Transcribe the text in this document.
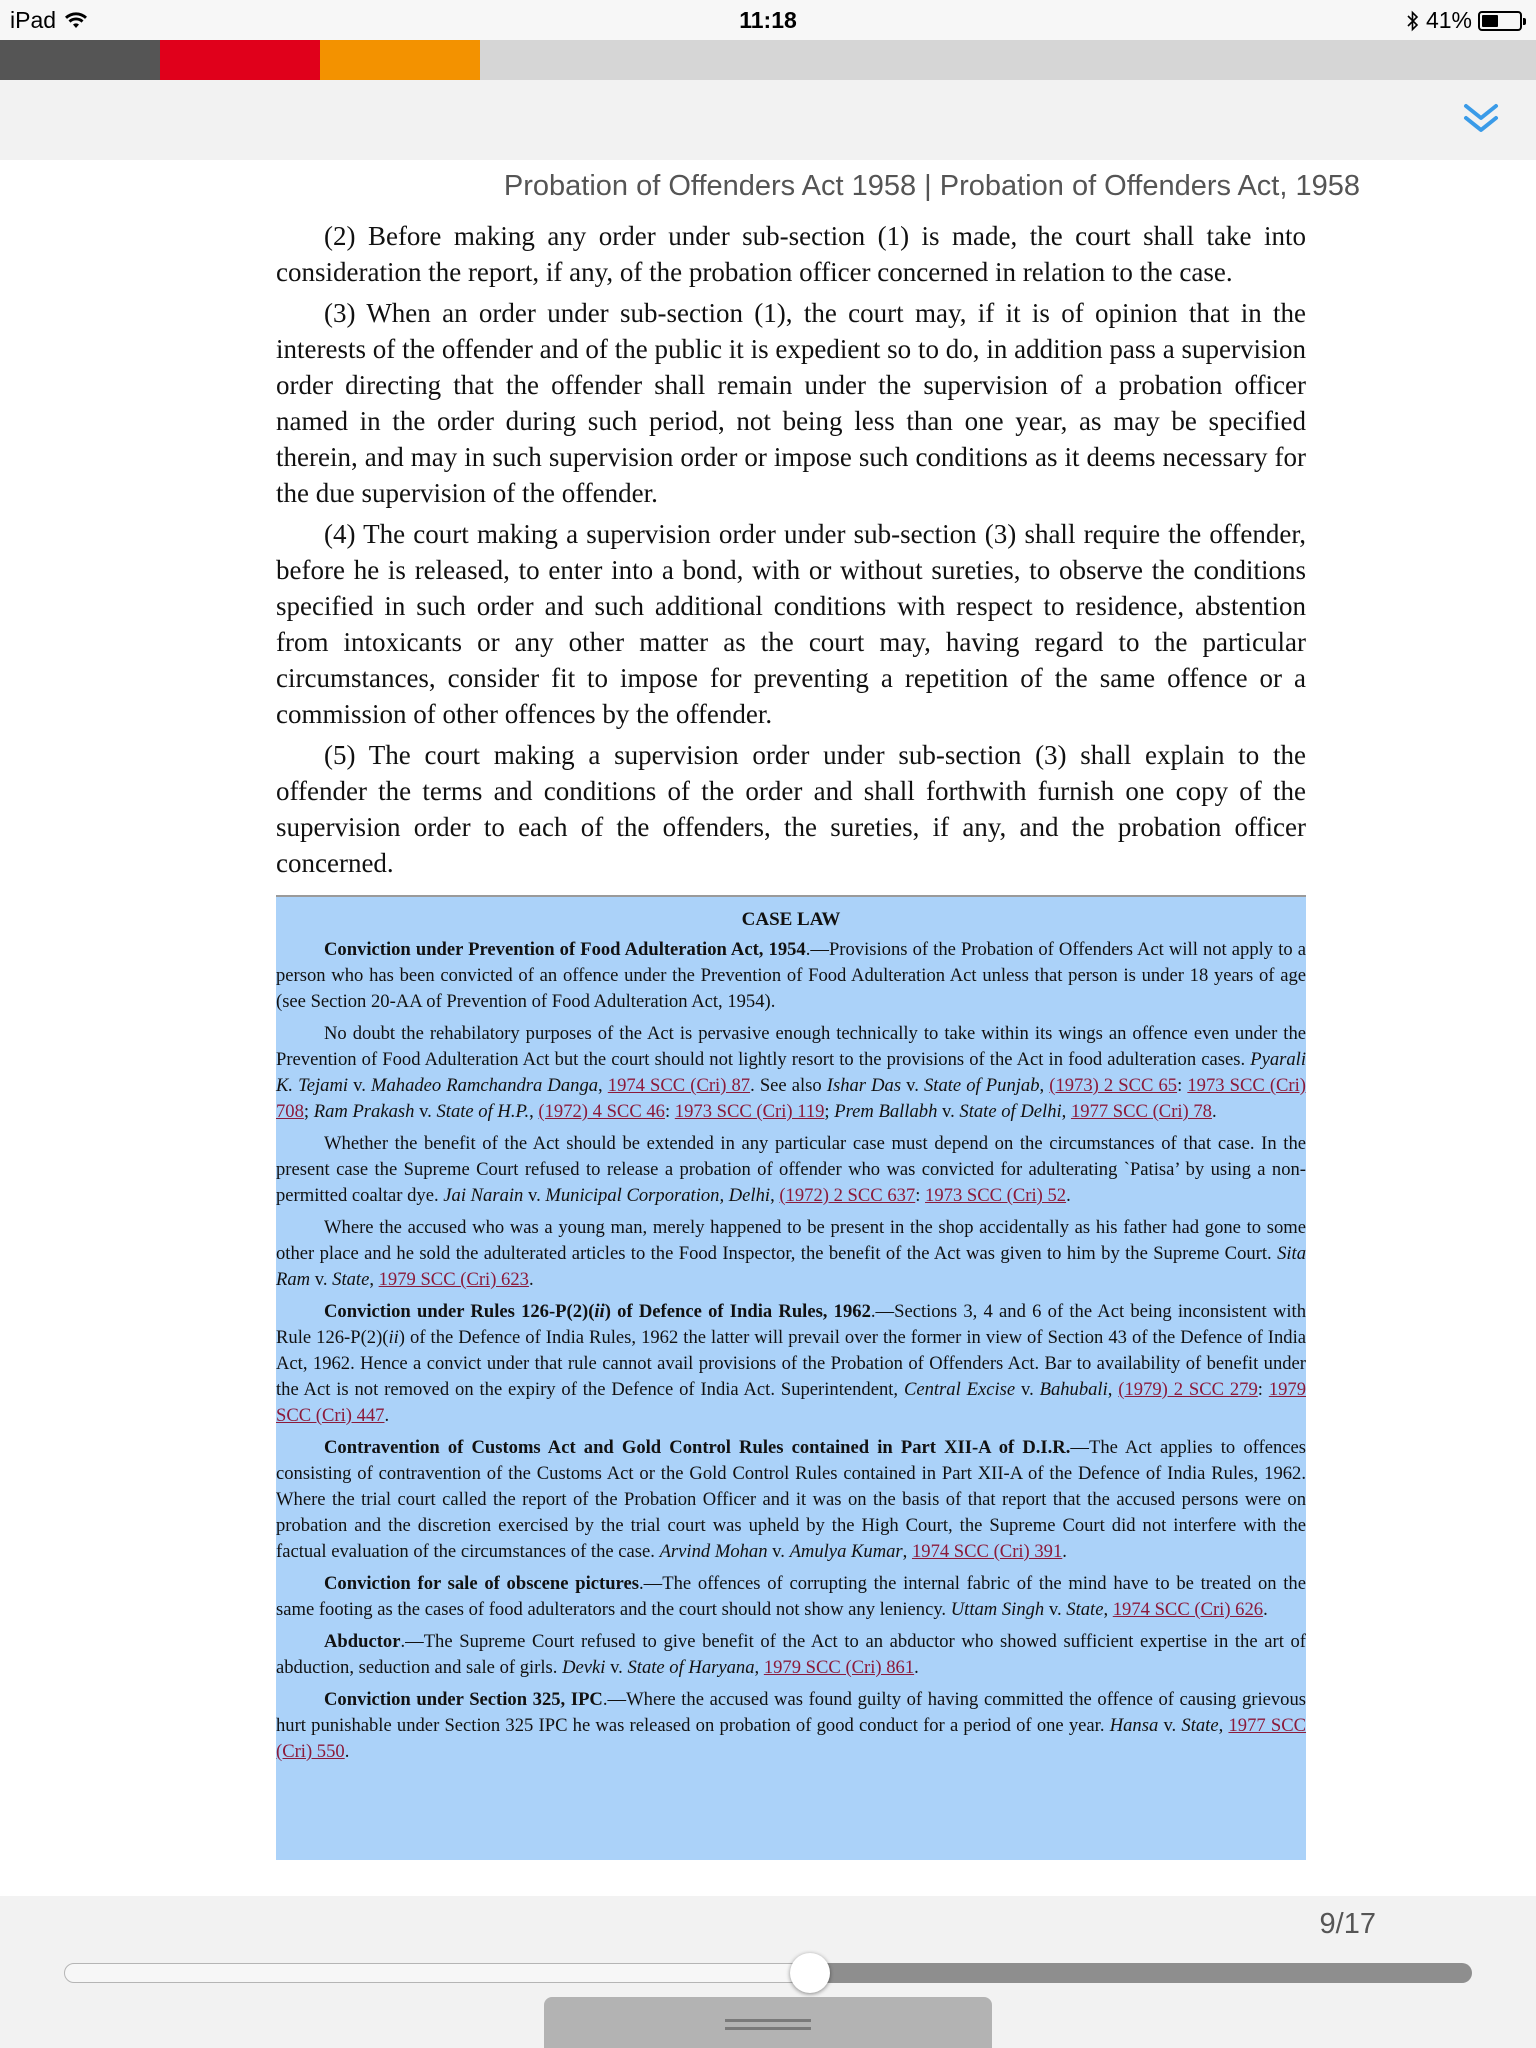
iPad	11:18	41%
Probation of Offenders Act 1958 | Probation of Offenders Act, 1958

(2) Before making any order under sub-section (1) is made, the court shall take into consideration the report, if any, of the probation officer concerned in relation to the case.

(3) When an order under sub-section (1), the court may, if it is of opinion that in the interests of the offender and of the public it is expedient so to do, in addition pass a supervision order directing that the offender shall remain under the supervision of a probation officer named in the order during such period, not being less than one year, as may be specified therein, and may in such supervision order or impose such conditions as it deems necessary for the due supervision of the offender.

(4) The court making a supervision order under sub-section (3) shall require the offender, before he is released, to enter into a bond, with or without sureties, to observe the conditions specified in such order and such additional conditions with respect to residence, abstention from intoxicants or any other matter as the court may, having regard to the particular circumstances, consider fit to impose for preventing a repetition of the same offence or a commission of other offences by the offender.

(5) The court making a supervision order under sub-section (3) shall explain to the offender the terms and conditions of the order and shall forthwith furnish one copy of the supervision order to each of the offenders, the sureties, if any, and the probation officer concerned.

CASE LAW

Conviction under Prevention of Food Adulteration Act, 1954.—Provisions of the Probation of Offenders Act will not apply to a person who has been convicted of an offence under the Prevention of Food Adulteration Act unless that person is under 18 years of age (see Section 20-AA of Prevention of Food Adulteration Act, 1954).

No doubt the rehabilatory purposes of the Act is pervasive enough technically to take within its wings an offence even under the Prevention of Food Adulteration Act but the court should not lightly resort to the provisions of the Act in food adulteration cases. Pyarali K. Tejami v. Mahadeo Ramchandra Danga, 1974 SCC (Cri) 87. See also Ishar Das v. State of Punjab, (1973) 2 SCC 65: 1973 SCC (Cri) 708; Ram Prakash v. State of H.P., (1972) 4 SCC 46: 1973 SCC (Cri) 119; Prem Ballabh v. State of Delhi, 1977 SCC (Cri) 78.

Whether the benefit of the Act should be extended in any particular case must depend on the circumstances of that case. In the present case the Supreme Court refused to release a probation of offender who was convicted for adulterating `Patisa’ by using a non-permitted coaltar dye. Jai Narain v. Municipal Corporation, Delhi, (1972) 2 SCC 637: 1973 SCC (Cri) 52.

Where the accused who was a young man, merely happened to be present in the shop accidentally as his father had gone to some other place and he sold the adulterated articles to the Food Inspector, the benefit of the Act was given to him by the Supreme Court. Sita Ram v. State, 1979 SCC (Cri) 623.

Conviction under Rules 126-P(2)(ii) of Defence of India Rules, 1962.—Sections 3, 4 and 6 of the Act being inconsistent with Rule 126-P(2)(ii) of the Defence of India Rules, 1962 the latter will prevail over the former in view of Section 43 of the Defence of India Act, 1962. Hence a convict under that rule cannot avail provisions of the Probation of Offenders Act. Bar to availability of benefit under the Act is not removed on the expiry of the Defence of India Act. Superintendent, Central Excise v. Bahubali, (1979) 2 SCC 279: 1979 SCC (Cri) 447.

Contravention of Customs Act and Gold Control Rules contained in Part XII-A of D.I.R.—The Act applies to offences consisting of contravention of the Customs Act or the Gold Control Rules contained in Part XII-A of the Defence of India Rules, 1962. Where the trial court called the report of the Probation Officer and it was on the basis of that report that the accused persons were on probation and the discretion exercised by the trial court was upheld by the High Court, the Supreme Court did not interfere with the factual evaluation of the circumstances of the case. Arvind Mohan v. Amulya Kumar, 1974 SCC (Cri) 391.

Conviction for sale of obscene pictures.—The offences of corrupting the internal fabric of the mind have to be treated on the same footing as the cases of food adulterators and the court should not show any leniency. Uttam Singh v. State, 1974 SCC (Cri) 626.

Abductor.—The Supreme Court refused to give benefit of the Act to an abductor who showed sufficient expertise in the art of abduction, seduction and sale of girls. Devki v. State of Haryana, 1979 SCC (Cri) 861.

Conviction under Section 325, IPC.—Where the accused was found guilty of having committed the offence of causing grievous hurt punishable under Section 325 IPC he was released on probation of good conduct for a period of one year. Hansa v. State, 1977 SCC (Cri) 550.

9/17
